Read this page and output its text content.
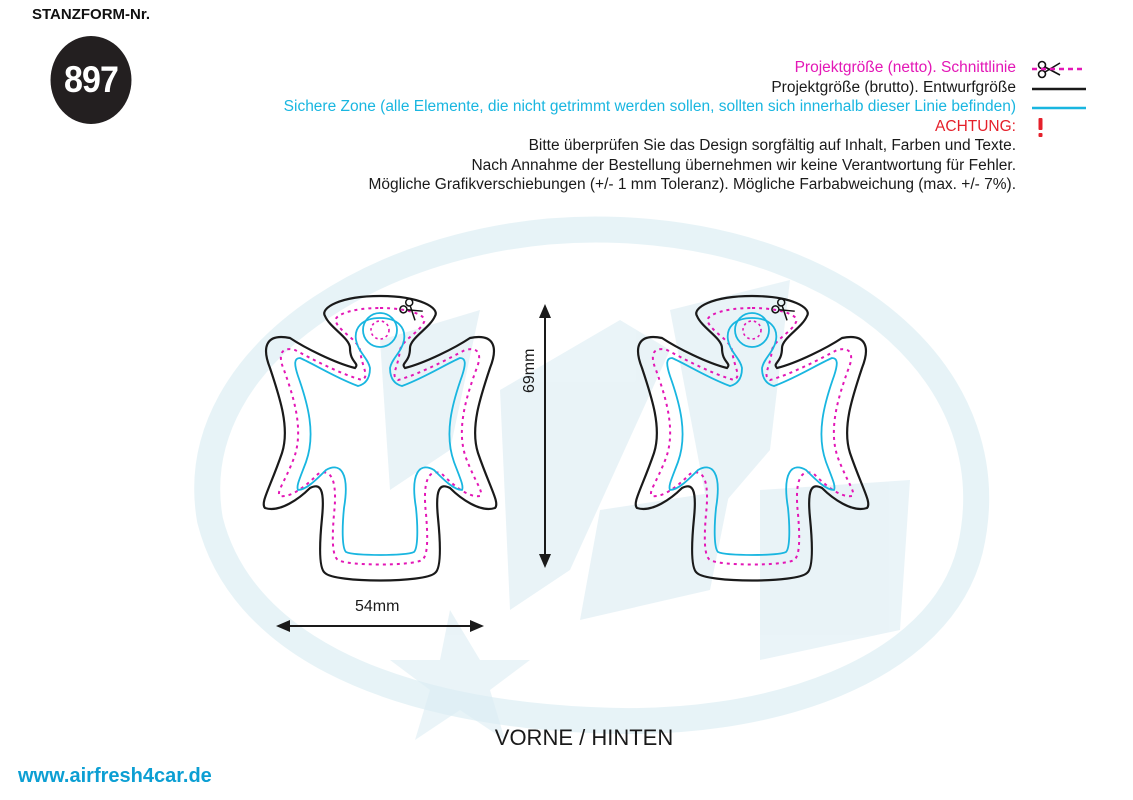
STANZFORM-Nr.
897	Projektgröße (netto). Schnittlinie
Projektgröße (brutto). Entwurfgröße
Sichere Zone (alle Elemente, die nicht getrimmt werden sollen, sollten sich innerhalb dieser Linie befinden)
ACHTUNG:
Bitte überprüfen Sie das Design sorgfältig auf Inhalt, Farben und Texte.
Nach Annahme der Bestellung übernehmen wir keine Verantwortung für Fehler.
Mögliche Grafikverschiebungen (+/- 1 mm Toleranz). Mögliche Farbabweichung (max. +/- 7%).
69mm
54mm
VORNE / HINTEN
www.airfresh4car.de
